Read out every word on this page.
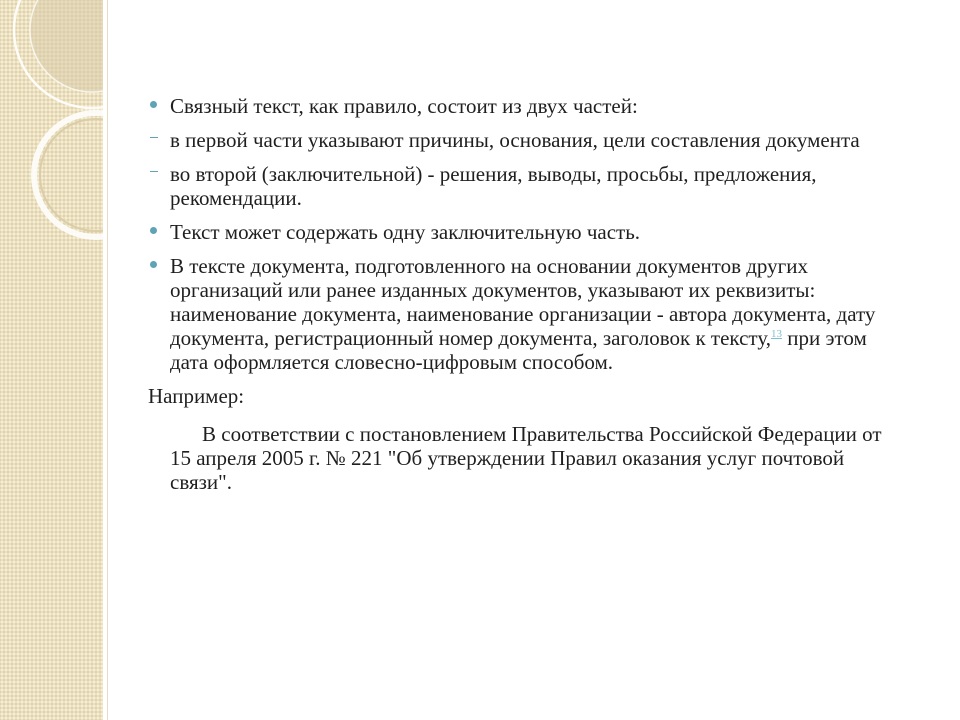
Связный текст, как правило, состоит из двух частей:
в первой части указывают причины, основания, цели составления документа
во второй (заключительной) - решения, выводы, просьбы, предложения, рекомендации.
Текст может содержать одну заключительную часть.
В тексте документа, подготовленного на основании документов других организаций или ранее изданных документов, указывают их реквизиты: наименование документа, наименование организации - автора документа, дату документа, регистрационный номер документа, заголовок к тексту,$^{13}$ при этом дата оформляется словесно-цифровым способом.

Например:

В соответствии с постановлением Правительства Российской Федерации от 15 апреля 2005 г. № 221 "Об утверждении Правил оказания услуг почтовой связи".
